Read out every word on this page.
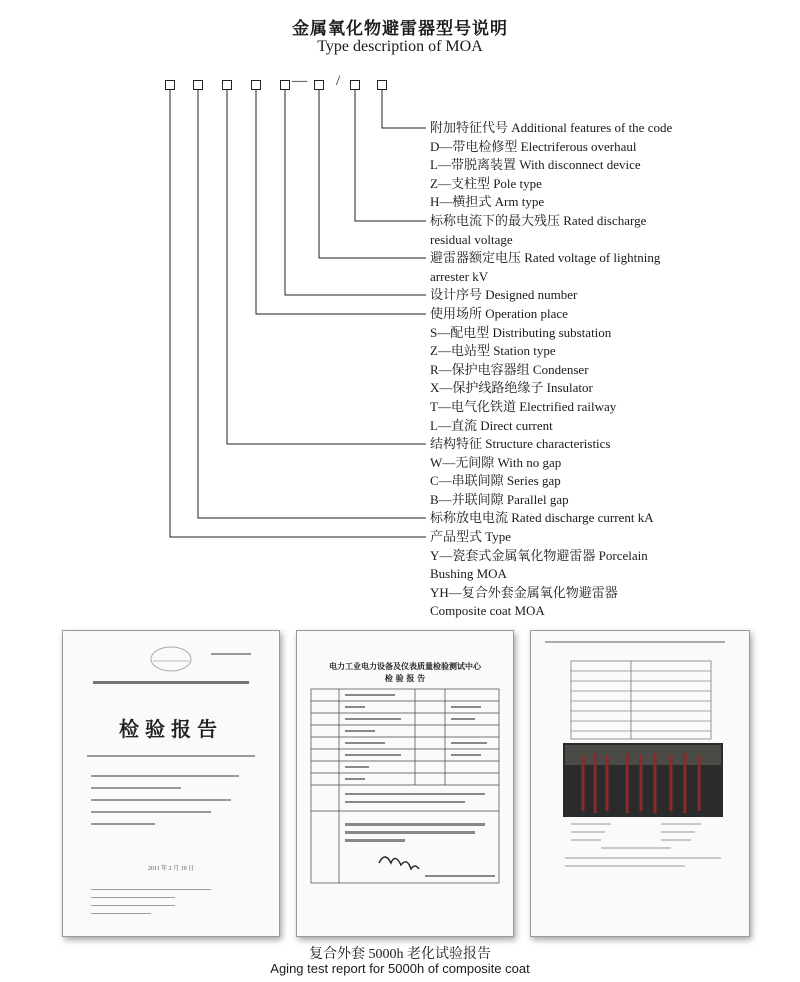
金属氧化物避雷器型号说明
Type description of MOA
— /
附加特征代号 Additional features of the code
D—带电检修型 Electriferous overhaul
L—带脱离装置 With disconnect device
Z—支柱型 Pole type
H—横担式 Arm type
标称电流下的最大残压 Rated discharge
residual voltage
避雷器额定电压 Rated voltage of lightning
arrester kV
设计序号 Designed number
使用场所 Operation place
S—配电型 Distributing substation
Z—电站型 Station type
R—保护电容器组 Condenser
X—保护线路绝缘子 Insulator
T—电气化铁道 Electrified railway
L—直流 Direct current
结构特征 Structure characteristics
W—无间隙 With no gap
C—串联间隙 Series gap
B—并联间隙 Parallel gap
标称放电电流 Rated discharge current kA
产品型式 Type
Y—瓷套式金属氧化物避雷器 Porcelain
Bushing MOA
YH—复合外套金属氧化物避雷器
Composite coat MOA
检验报告
2011 年 2 月 19 日
电力工业电力设备及仪表质量检验测试中心
检 验 报 告
复合外套 5000h 老化试验报告
Aging test report for 5000h of composite coat
